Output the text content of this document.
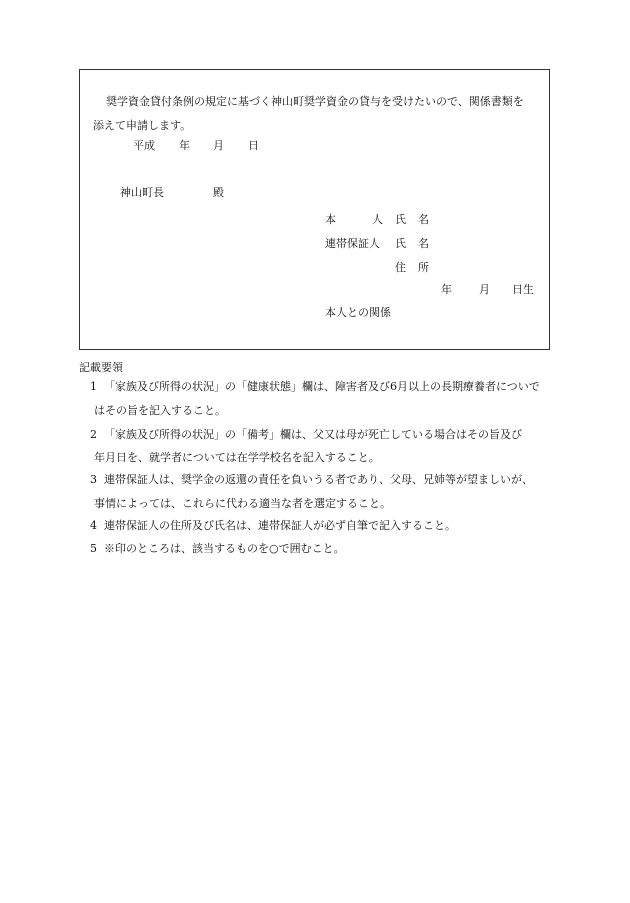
奨学資金貸付条例の規定に基づく神山町奨学資金の貸与を受けたいので、関係書類を
添えて申請します。
平成 年 月 日
神山町長	殿
本	人 氏 名
連帯保証人 氏 名
住 所
年 月 日生
本人との関係
記載要領
1 「家族及び所得の状況」の「健康状態」欄は、障害者及び6月以上の長期療養者についで
はその旨を記入すること。
2 「家族及び所得の状況」の「備考」欄は、父又は母が死亡している場合はその旨及び
年月日を、就学者については在学学校名を記入すること。
3 連帯保証人は、奨学金の返還の責任を負いうる者であり、父母、兄姉等が望ましいが、
事情によっては、これらに代わる適当な者を選定すること。
4 連帯保証人の住所及び氏名は、連帯保証人が必ず自筆で記入すること。
5 ※印のところは、該当するものを○で囲むこと。
